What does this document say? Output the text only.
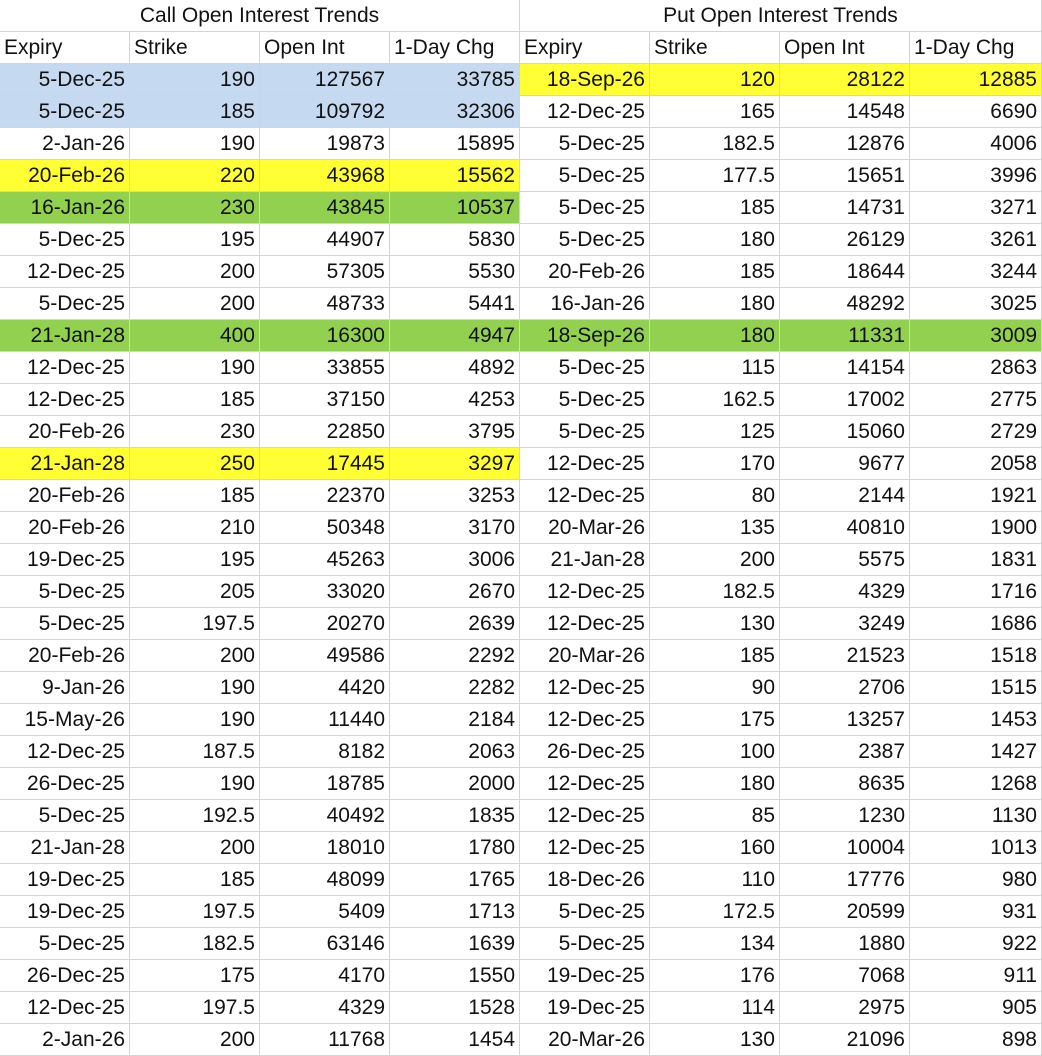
Call Open Interest Trends	Put Open Interest Trends
Expiry	Strike	Open Int	1-Day Chg	Expiry	Strike	Open Int	1-Day Chg
5-Dec-25	190	127567	33785	18-Sep-26	120	28122	12885
5-Dec-25	185	109792	32306	12-Dec-25	165	14548	6690
2-Jan-26	190	19873	15895	5-Dec-25	182.5	12876	4006
20-Feb-26	220	43968	15562	5-Dec-25	177.5	15651	3996
16-Jan-26	230	43845	10537	5-Dec-25	185	14731	3271
5-Dec-25	195	44907	5830	5-Dec-25	180	26129	3261
12-Dec-25	200	57305	5530	20-Feb-26	185	18644	3244
5-Dec-25	200	48733	5441	16-Jan-26	180	48292	3025
21-Jan-28	400	16300	4947	18-Sep-26	180	11331	3009
12-Dec-25	190	33855	4892	5-Dec-25	115	14154	2863
12-Dec-25	185	37150	4253	5-Dec-25	162.5	17002	2775
20-Feb-26	230	22850	3795	5-Dec-25	125	15060	2729
21-Jan-28	250	17445	3297	12-Dec-25	170	9677	2058
20-Feb-26	185	22370	3253	12-Dec-25	80	2144	1921
20-Feb-26	210	50348	3170	20-Mar-26	135	40810	1900
19-Dec-25	195	45263	3006	21-Jan-28	200	5575	1831
5-Dec-25	205	33020	2670	12-Dec-25	182.5	4329	1716
5-Dec-25	197.5	20270	2639	12-Dec-25	130	3249	1686
20-Feb-26	200	49586	2292	20-Mar-26	185	21523	1518
9-Jan-26	190	4420	2282	12-Dec-25	90	2706	1515
15-May-26	190	11440	2184	12-Dec-25	175	13257	1453
12-Dec-25	187.5	8182	2063	26-Dec-25	100	2387	1427
26-Dec-25	190	18785	2000	12-Dec-25	180	8635	1268
5-Dec-25	192.5	40492	1835	12-Dec-25	85	1230	1130
21-Jan-28	200	18010	1780	12-Dec-25	160	10004	1013
19-Dec-25	185	48099	1765	18-Dec-26	110	17776	980
19-Dec-25	197.5	5409	1713	5-Dec-25	172.5	20599	931
5-Dec-25	182.5	63146	1639	5-Dec-25	134	1880	922
26-Dec-25	175	4170	1550	19-Dec-25	176	7068	911
12-Dec-25	197.5	4329	1528	19-Dec-25	114	2975	905
2-Jan-26	200	11768	1454	20-Mar-26	130	21096	898
